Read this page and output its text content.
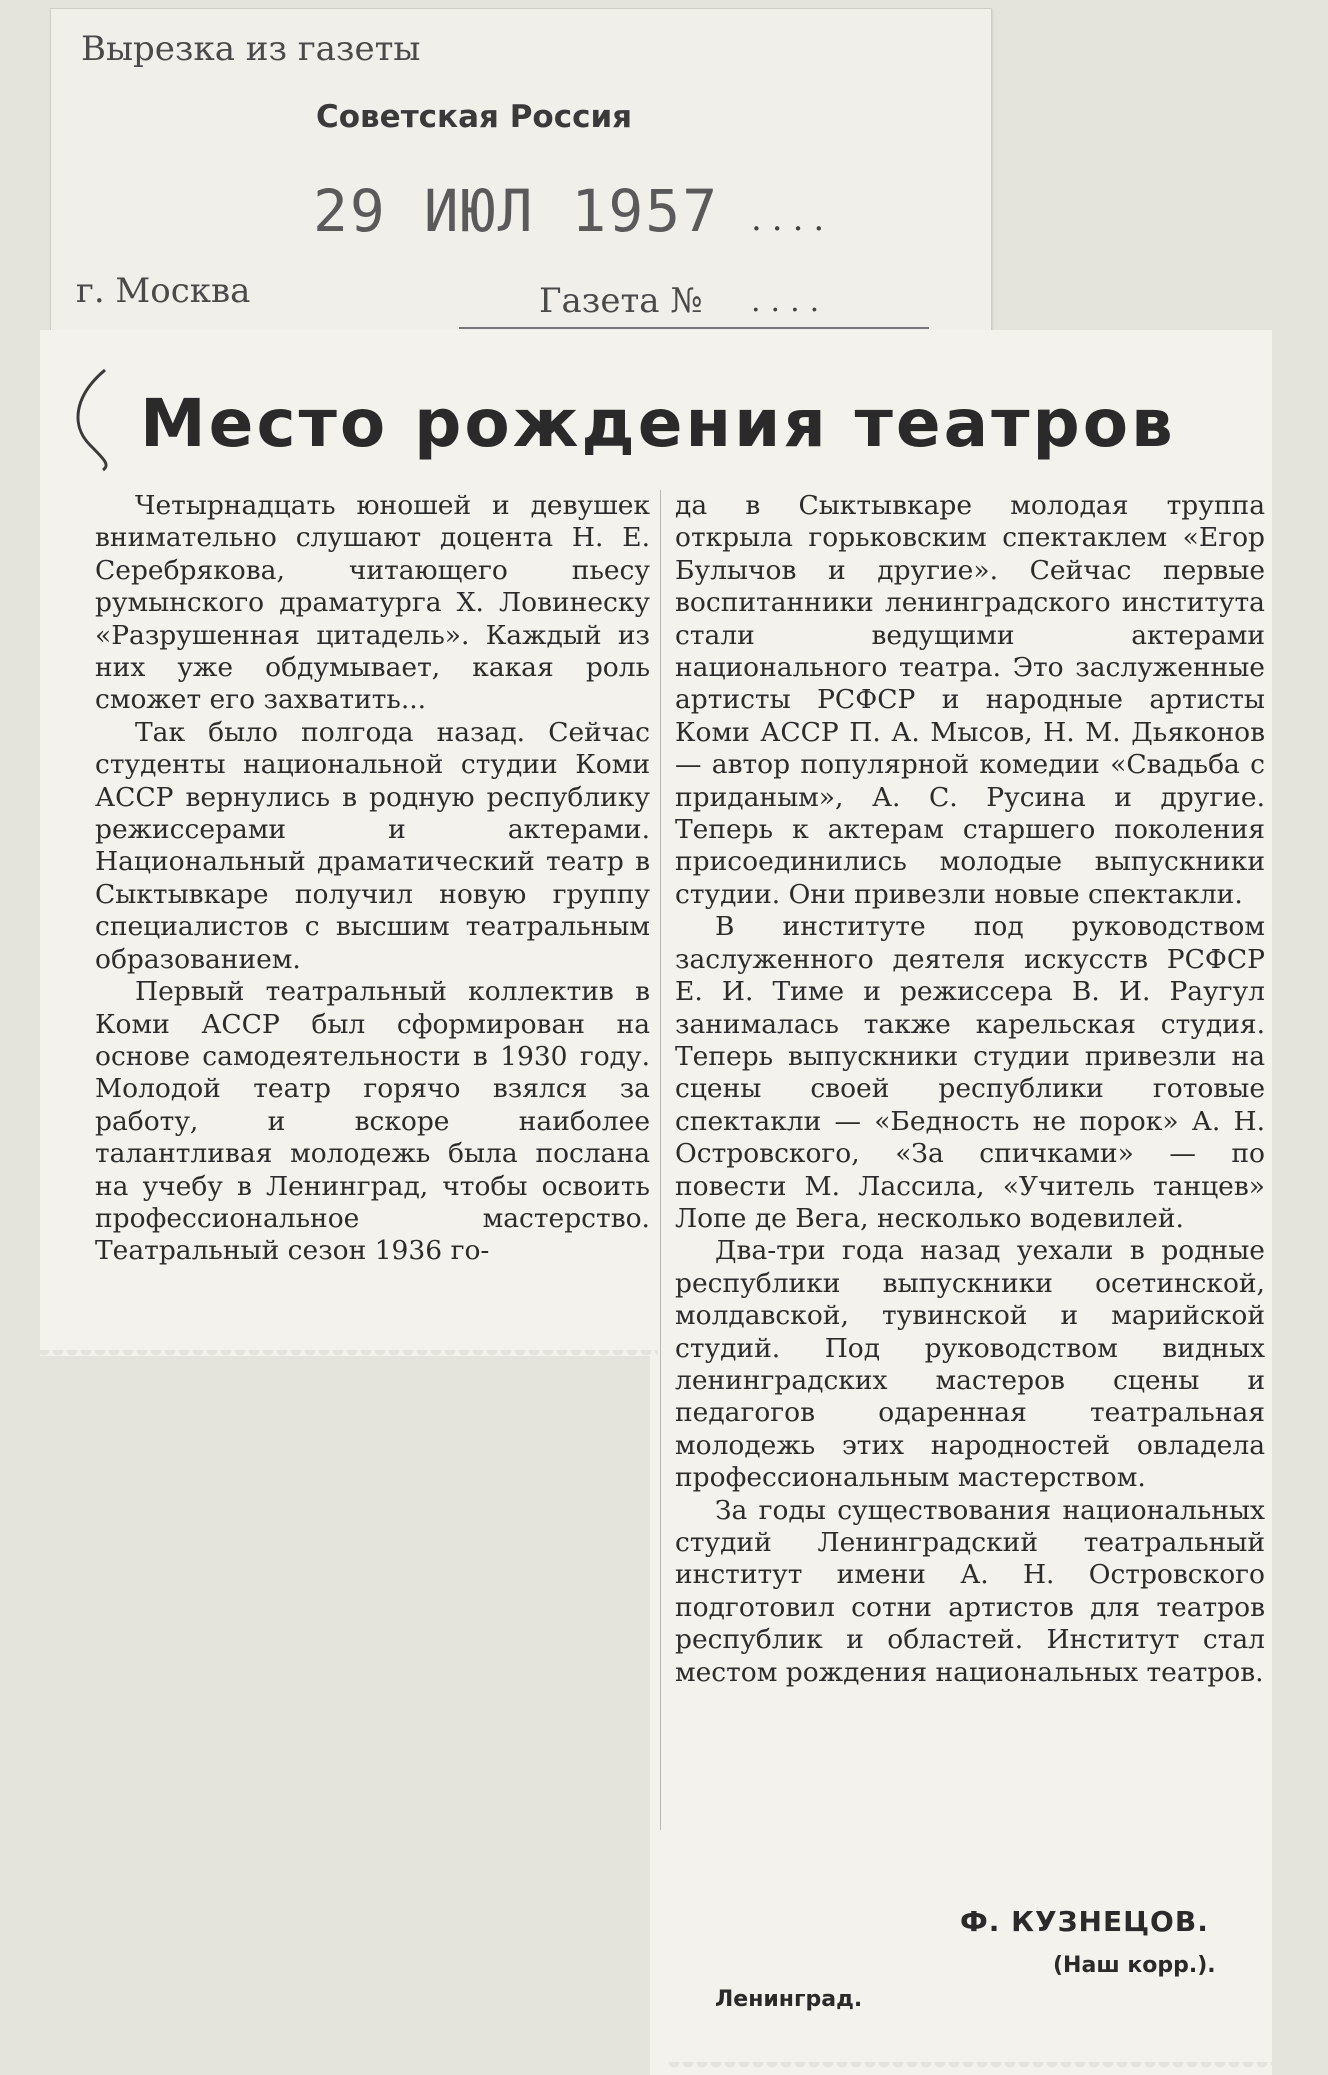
Вырезка из газеты
Советская Россия
29 ИЮЛ 1957 ....
г. Москва	Газета № ....
Место рождения театров

Четырнадцать юношей и девушек внимательно слушают доцента Н. Е. Серебрякова, читающего пьесу румынского драматурга Х. Ловинеску «Разрушенная цитадель». Каждый из них уже обдумывает, какая роль сможет его захватить...

Так было полгода назад. Сейчас студенты национальной студии Коми АССР вернулись в родную республику режиссерами и актерами. Национальный драматический театр в Сыктывкаре получил новую группу специалистов с высшим театральным образованием.

Первый театральный коллектив в Коми АССР был сформирован на основе самодеятельности в 1930 году. Молодой театр горячо взялся за работу, и вскоре наиболее талантливая молодежь была послана на учебу в Ленинград, чтобы освоить профессиональное мастерство. Театральный сезон 1936 го-

да в Сыктывкаре молодая труппа открыла горьковским спектаклем «Егор Булычов и другие». Сейчас первые воспитанники ленинградского института стали ведущими актерами национального театра. Это заслуженные артисты РСФСР и народные артисты Коми АССР П. А. Мысов, Н. М. Дьяконов — автор популярной комедии «Свадьба с приданым», А. С. Русина и другие. Теперь к актерам старшего поколения присоединились молодые выпускники студии. Они привезли новые спектакли.

В институте под руководством заслуженного деятеля искусств РСФСР Е. И. Тиме и режиссера В. И. Раугул занималась также карельская студия. Теперь выпускники студии привезли на сцены своей республики готовые спектакли — «Бедность не порок» А. Н. Островского, «За спичками» — по повести М. Лассила, «Учитель танцев» Лопе де Вега, несколько водевилей.

Два-три года назад уехали в родные республики выпускники осетинской, молдавской, тувинской и марийской студий. Под руководством видных ленинградских мастеров сцены и педагогов одаренная театральная молодежь этих народностей овладела профессиональным мастерством.

За годы существования национальных студий Ленинградский театральный институт имени А. Н. Островского подготовил сотни артистов для театров республик и областей. Институт стал местом рождения национальных театров.

Ф. КУЗНЕЦОВ.
(Наш корр.).
Ленинград.
